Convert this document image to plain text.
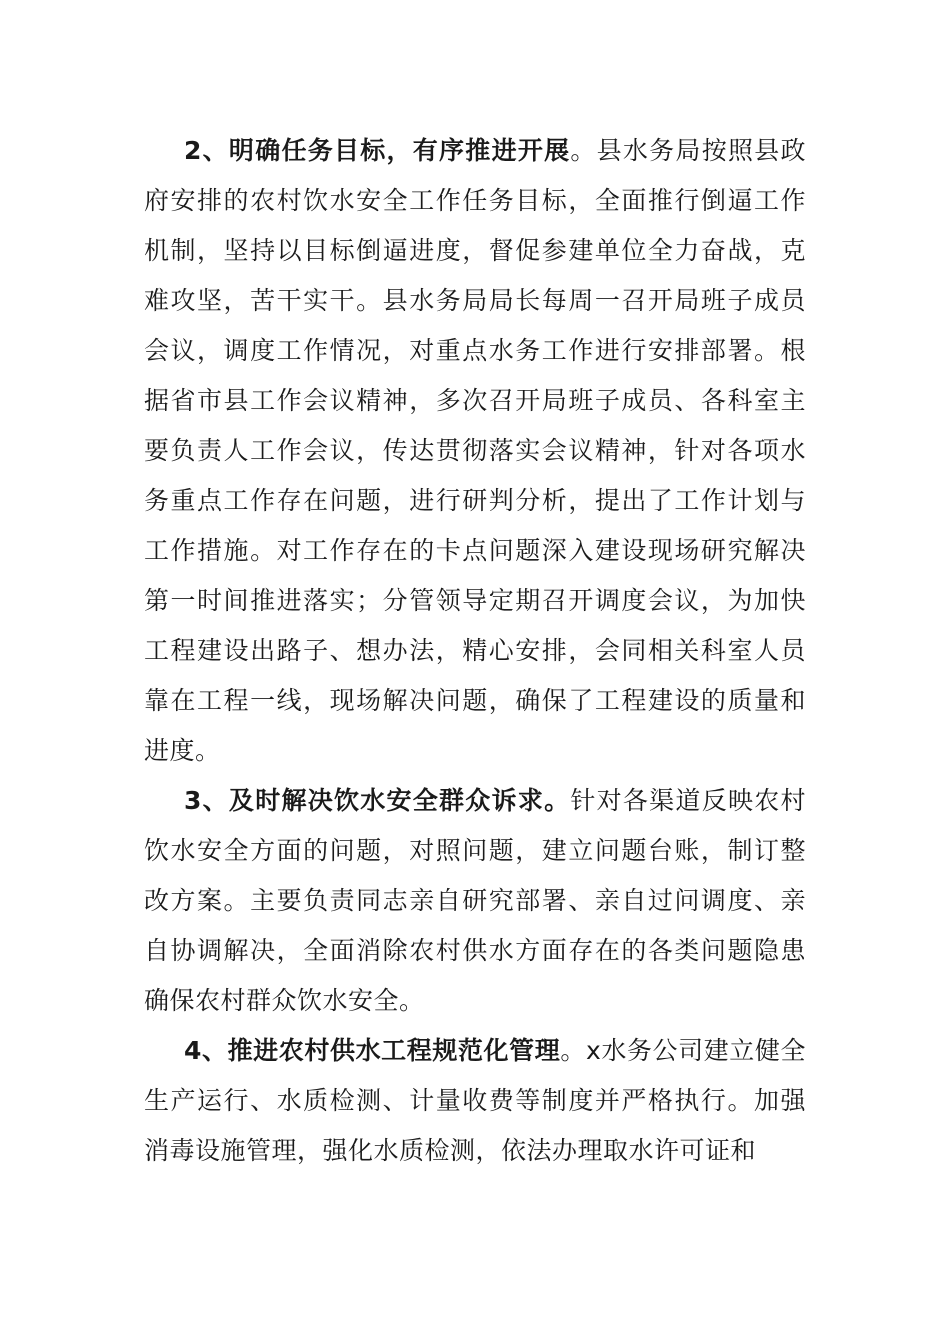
2、明确任务目标，有序推进开展。县水务局按照县政府安排的农村饮水安全工作任务目标，全面推行倒逼工作机制，坚持以目标倒逼进度，督促参建单位全力奋战，克难攻坚，苦干实干。县水务局局长每周一召开局班子成员会议，调度工作情况，对重点水务工作进行安排部署。根据省市县工作会议精神，多次召开局班子成员、各科室主要负责人工作会议，传达贯彻落实会议精神，针对各项水务重点工作存在问题，进行研判分析，提出了工作计划与工作措施。对工作存在的卡点问题深入建设现场研究解决第一时间推进落实；分管领导定期召开调度会议，为加快工程建设出路子、想办法，精心安排，会同相关科室人员靠在工程一线，现场解决问题，确保了工程建设的质量和进度。

3、及时解决饮水安全群众诉求。针对各渠道反映农村饮水安全方面的问题，对照问题，建立问题台账，制订整改方案。主要负责同志亲自研究部署、亲自过问调度、亲自协调解决，全面消除农村供水方面存在的各类问题隐患确保农村群众饮水安全。

4、推进农村供水工程规范化管理。x水务公司建立健全生产运行、水质检测、计量收费等制度并严格执行。加强消毒设施管理，强化水质检测，依法办理取水许可证和
